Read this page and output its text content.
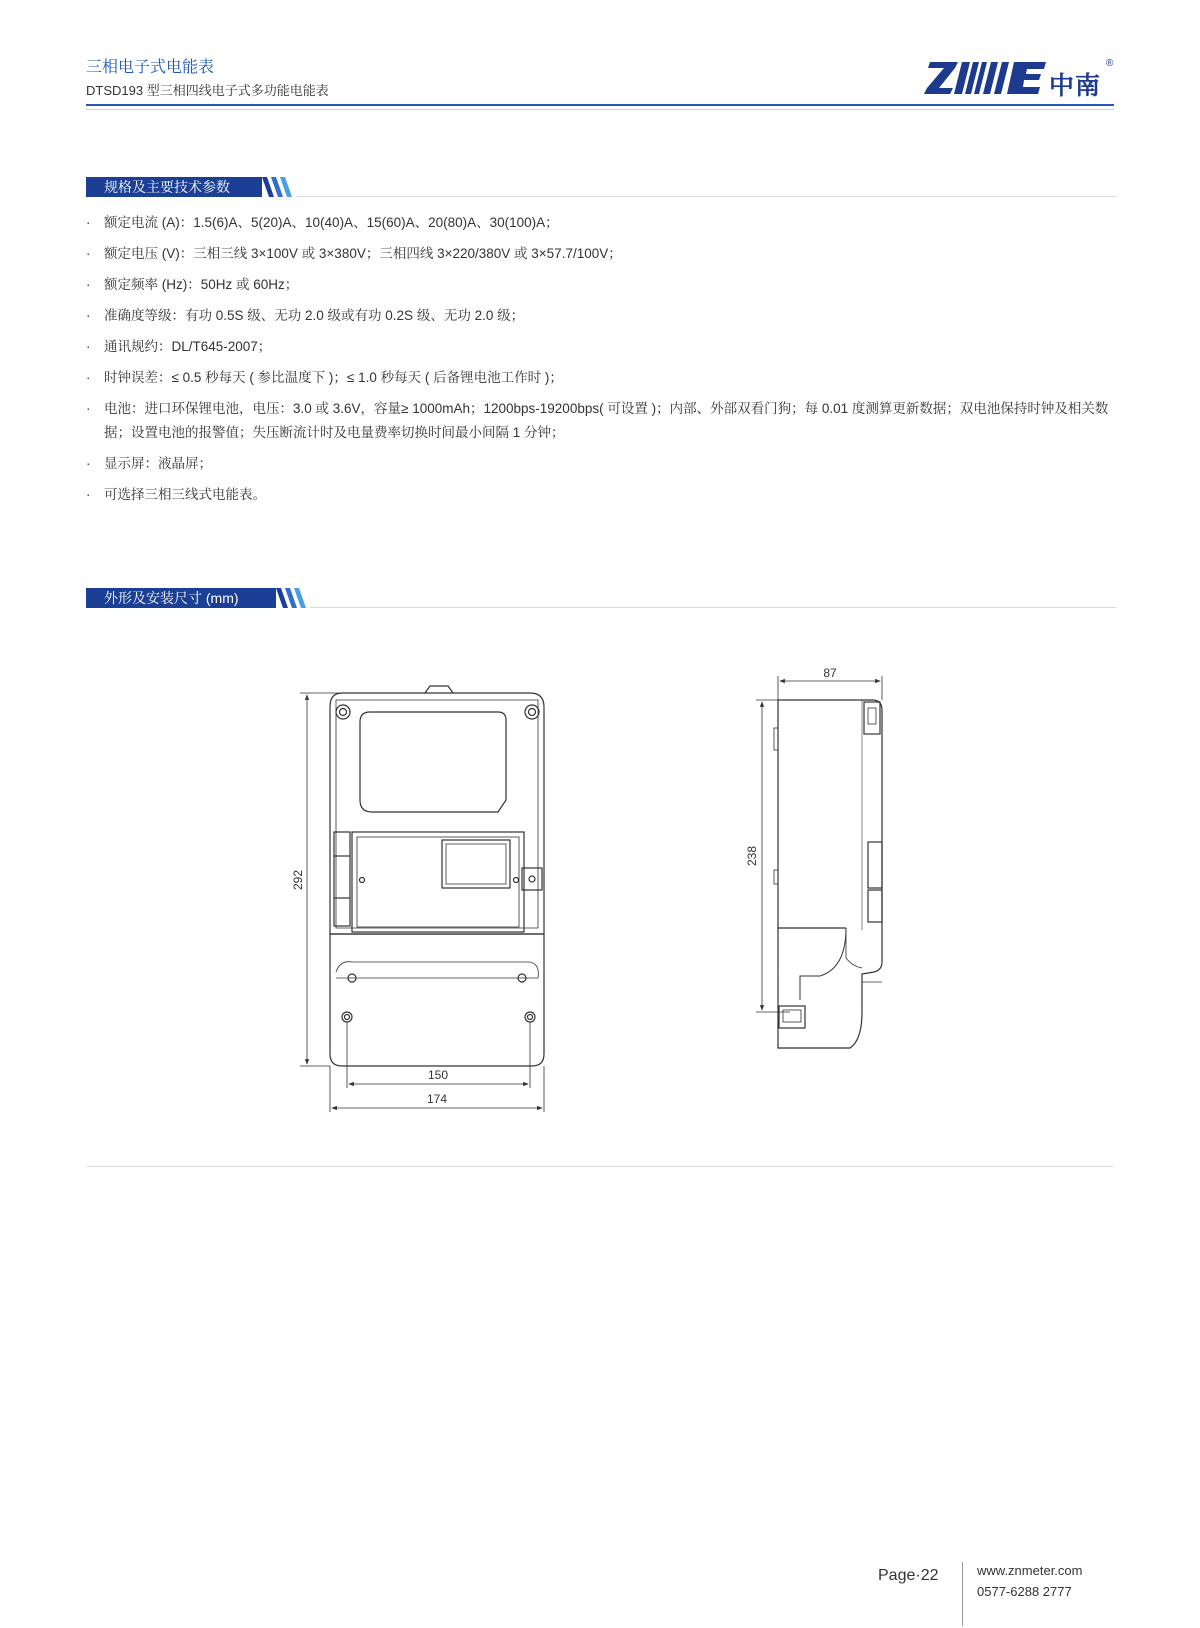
三相电子式电能表
DTSD193 型三相四线电子式多功能电能表	中南
®
规格及主要技术参数
· 额定电流 (A)：1.5(6)A、5(20)A、10(40)A、15(60)A、20(80)A、30(100)A；
· 额定电压 (V)：三相三线 3×100V 或 3×380V；三相四线 3×220/380V 或 3×57.7/100V；
· 额定频率 (Hz)：50Hz 或 60Hz；
· 准确度等级：有功 0.5S 级、无功 2.0 级或有功 0.2S 级、无功 2.0 级；
· 通讯规约：DL/T645-2007；
· 时钟误差：≤ 0.5 秒每天 ( 参比温度下 )；≤ 1.0 秒每天 ( 后备锂电池工作时 )；
· 电池：进口环保锂电池，电压：3.0 或 3.6V，容量≥ 1000mAh；1200bps-19200bps( 可设置 )；内部、外部双看门狗；每 0.01 度测算更新数据；双电池保持时钟及相关数据；设置电池的报警值；失压断流计时及电量费率切换时间最小间隔 1 分钟；
· 显示屏：液晶屏；
· 可选择三相三线式电能表。
外形及安装尺寸 (mm)
292
150
174
87
238
Page·22	www.znmeter.com
0577-6288 2777
